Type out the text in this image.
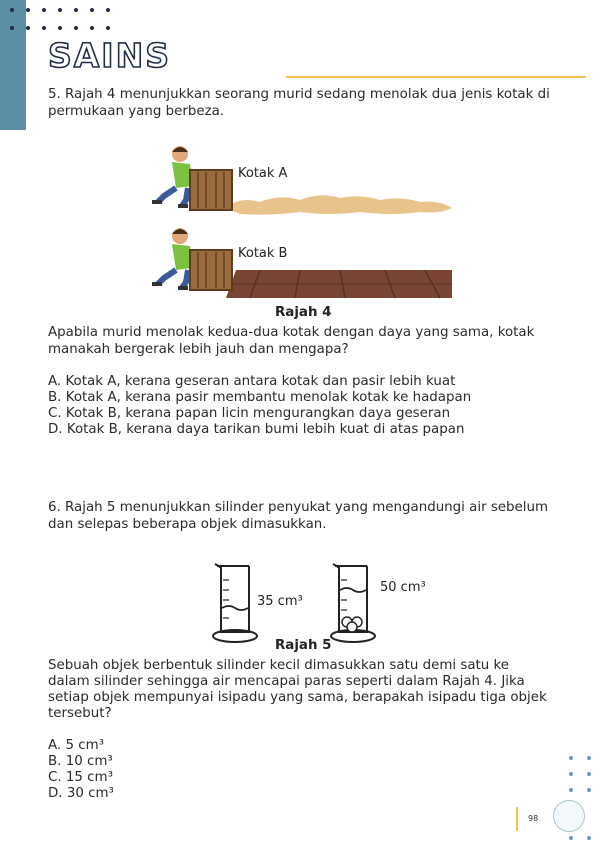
SAINS
5. Rajah 4 menunjukkan seorang murid sedang menolak dua jenis kotak di
permukaan yang berbeza.
Kotak A
Kotak B
Rajah 4
Apabila murid menolak kedua-dua kotak dengan daya yang sama, kotak
manakah bergerak lebih jauh dan mengapa?
A. Kotak A, kerana geseran antara kotak dan pasir lebih kuat
B. Kotak A, kerana pasir membantu menolak kotak ke hadapan
C. Kotak B, kerana papan licin mengurangkan daya geseran
D. Kotak B, kerana daya tarikan bumi lebih kuat di atas papan
6. Rajah 5 menunjukkan silinder penyukat yang mengandungi air sebelum
dan selepas beberapa objek dimasukkan.
35 cm³
50 cm³
Rajah 5
Sebuah objek berbentuk silinder kecil dimasukkan satu demi satu ke
dalam silinder sehingga air mencapai paras seperti dalam Rajah 4. Jika
setiap objek mempunyai isipadu yang sama, berapakah isipadu tiga objek
tersebut?
A. 5 cm³
B. 10 cm³
C. 15 cm³
D. 30 cm³
98
